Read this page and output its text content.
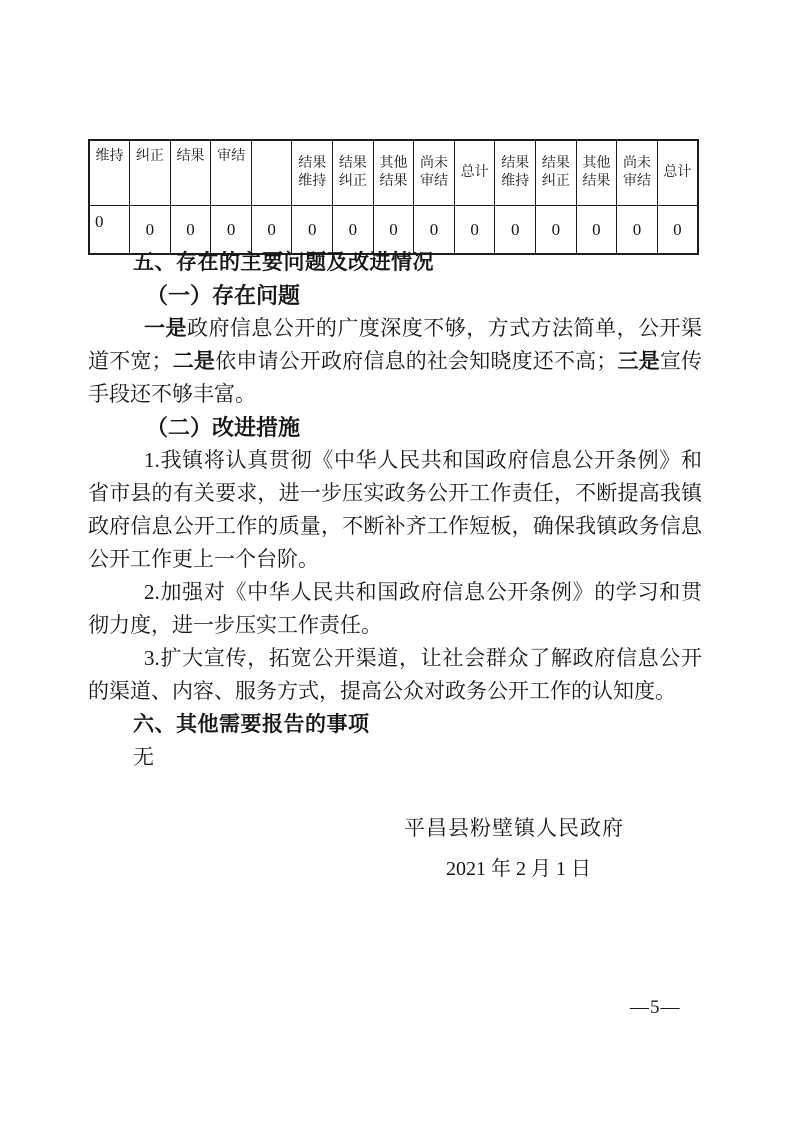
维持	纠正	结果	审结		结果维持	结果纠正	其他结果	尚未审结	总计	结果维持	结果纠正	其他结果	尚未审结	总计
0	0	0	0	0	0	0	0	0	0	0	0	0	0	0
五、存在的主要问题及改进情况
（一）存在问题

一是政府信息公开的广度深度不够，方式方法简单，公开渠道不宽；二是依申请公开政府信息的社会知晓度还不高；三是宣传手段还不够丰富。

（二）改进措施

1.我镇将认真贯彻《中华人民共和国政府信息公开条例》和省市县的有关要求，进一步压实政务公开工作责任，不断提高我镇政府信息公开工作的质量，不断补齐工作短板，确保我镇政务信息公开工作更上一个台阶。

2.加强对《中华人民共和国政府信息公开条例》的学习和贯彻力度，进一步压实工作责任。

3.扩大宣传，拓宽公开渠道，让社会群众了解政府信息公开的渠道、内容、服务方式，提高公众对政务公开工作的认知度。

六、其他需要报告的事项

无

平昌县粉壁镇人民政府
2021 年 2 月 1 日
—5—
